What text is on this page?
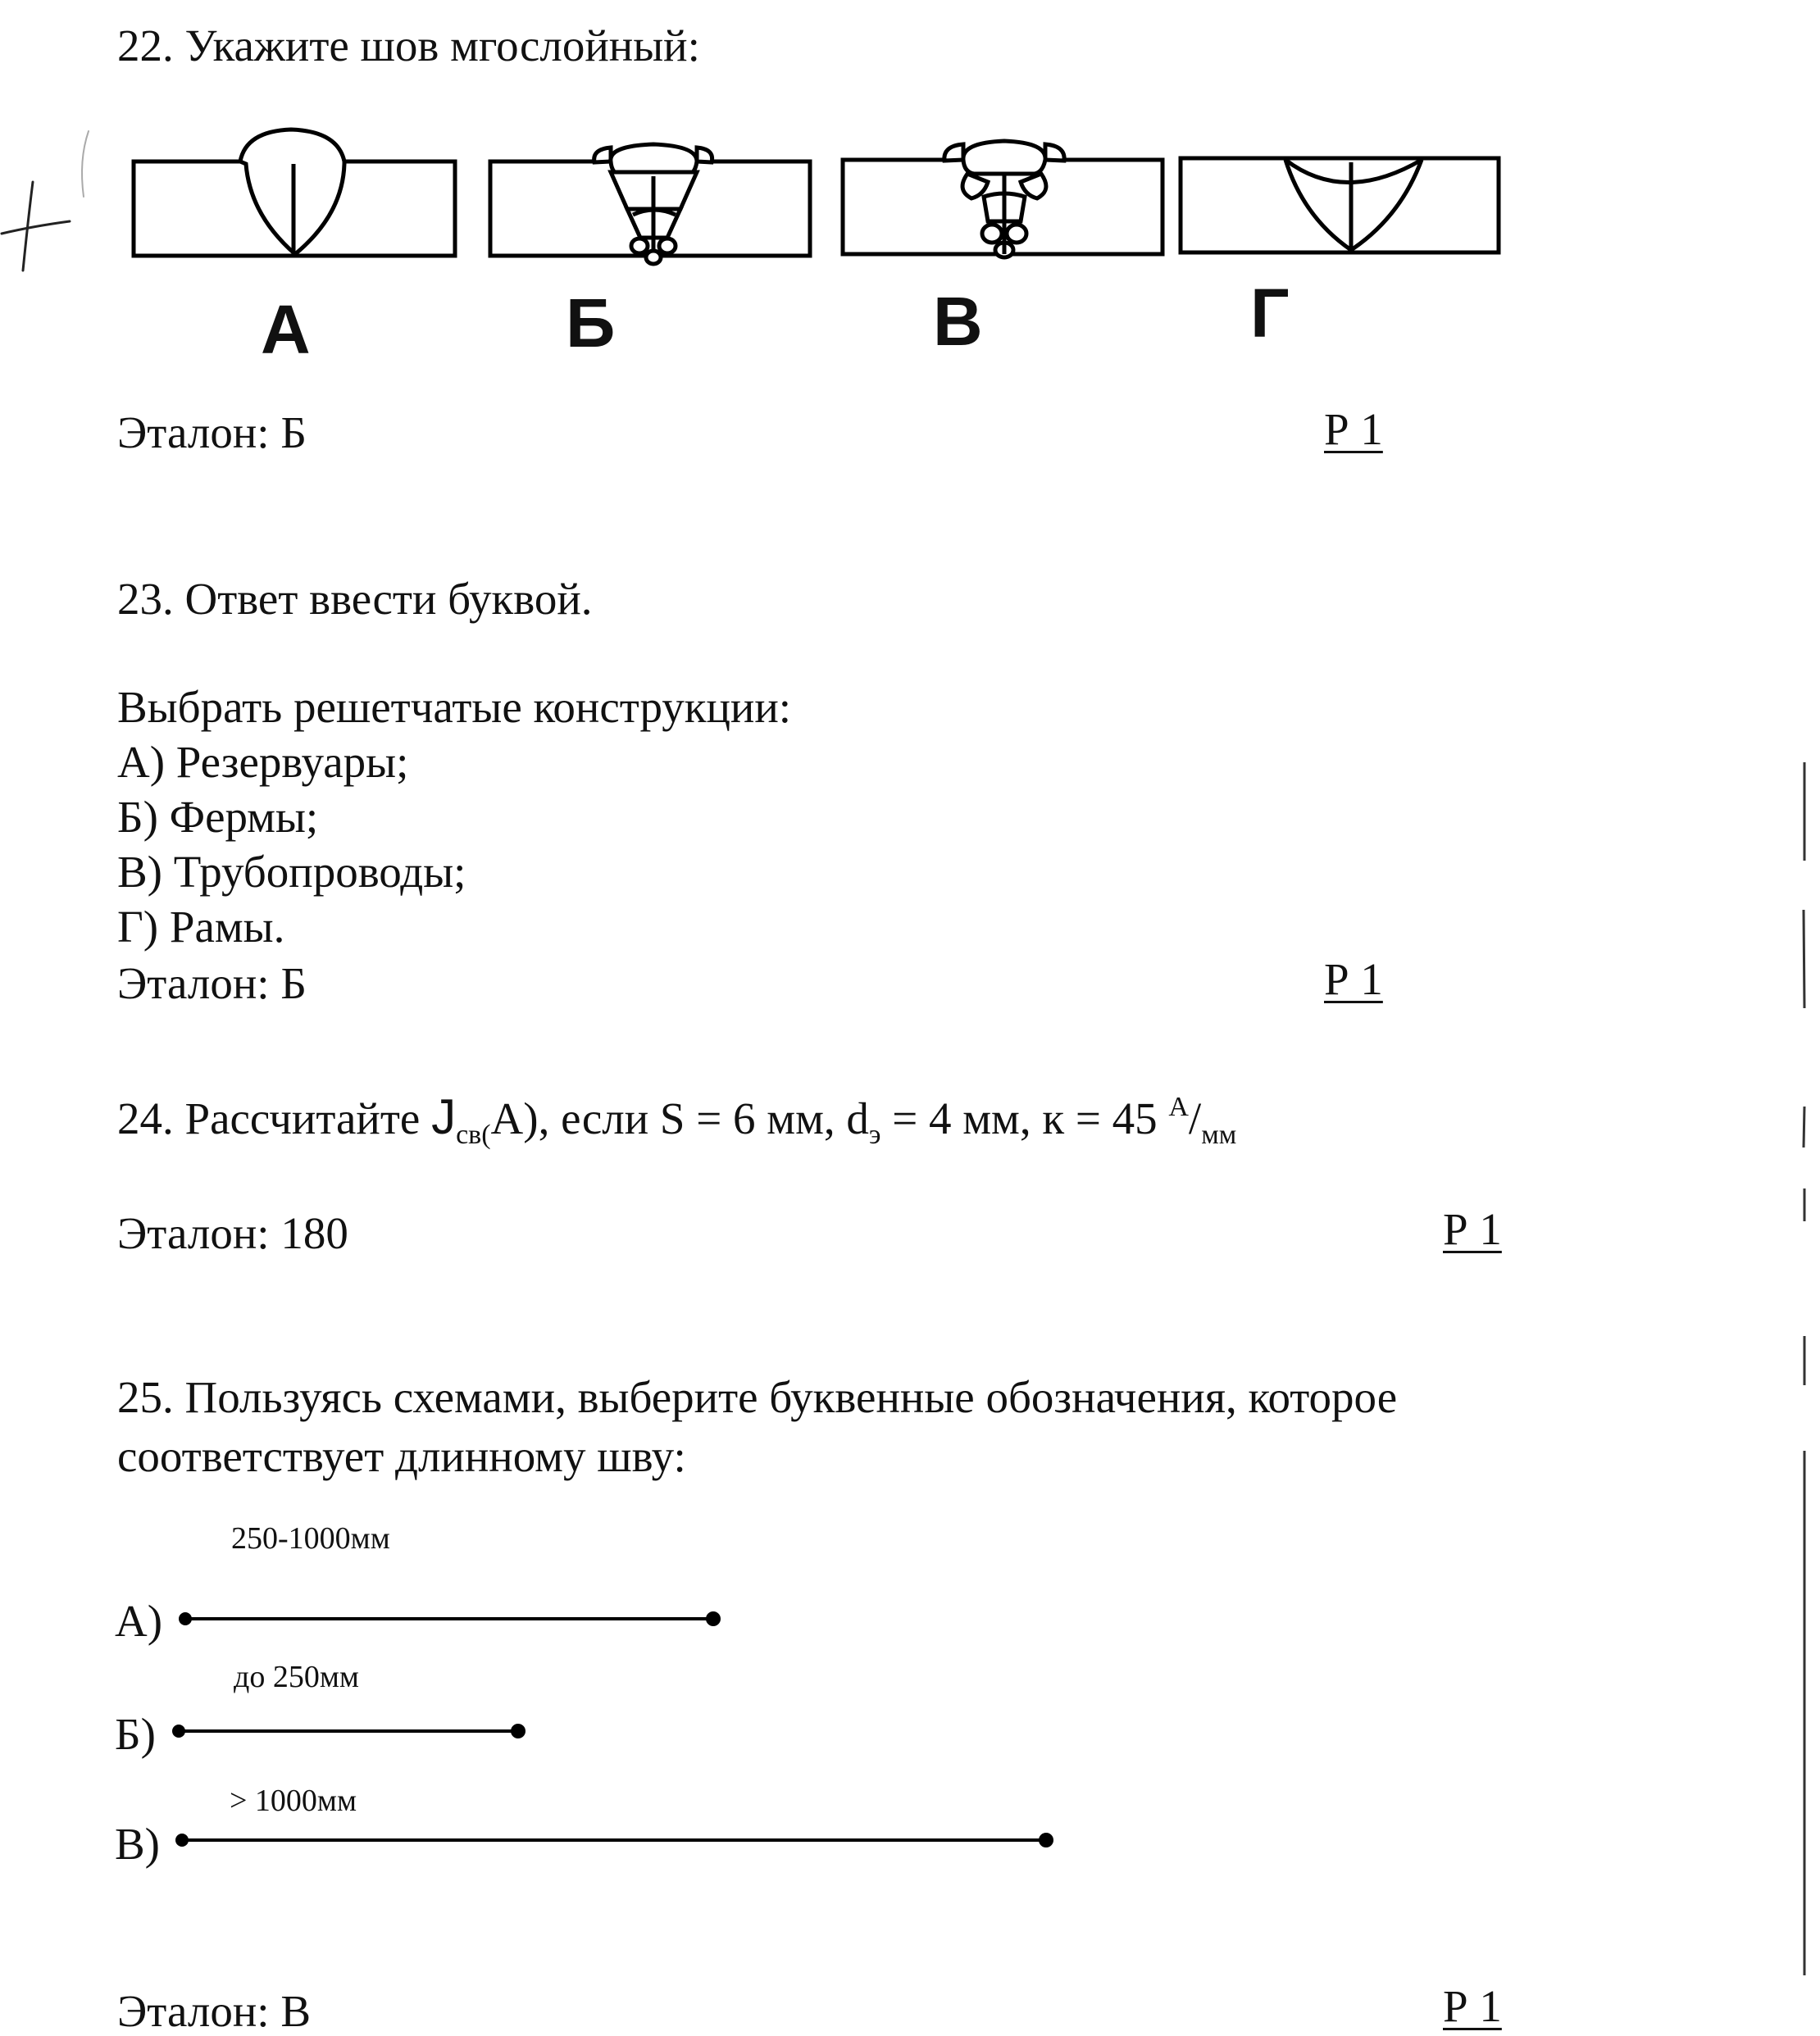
22. Укажите шов мгослойный:
А	Б	В	Г
Эталон: Б	Р 1
23. Ответ ввести буквой.
Выбрать решетчатые конструкции:
А) Резервуары;
Б) Фермы;
В) Трубопроводы;
Г) Рамы.
Эталон: Б	Р 1
24. Рассчитайте $J_{св(}А$), если S = 6 мм, $d_э = 4$ мм, к = 45 $^А/_{мм}$
Эталон: 180	Р 1
25. Пользуясь схемами, выберите буквенные обозначения, которое
соответствует длинному шву:
250-1000мм
А)
до 250мм
Б)
> 1000мм
В)
Эталон: В	Р 1
